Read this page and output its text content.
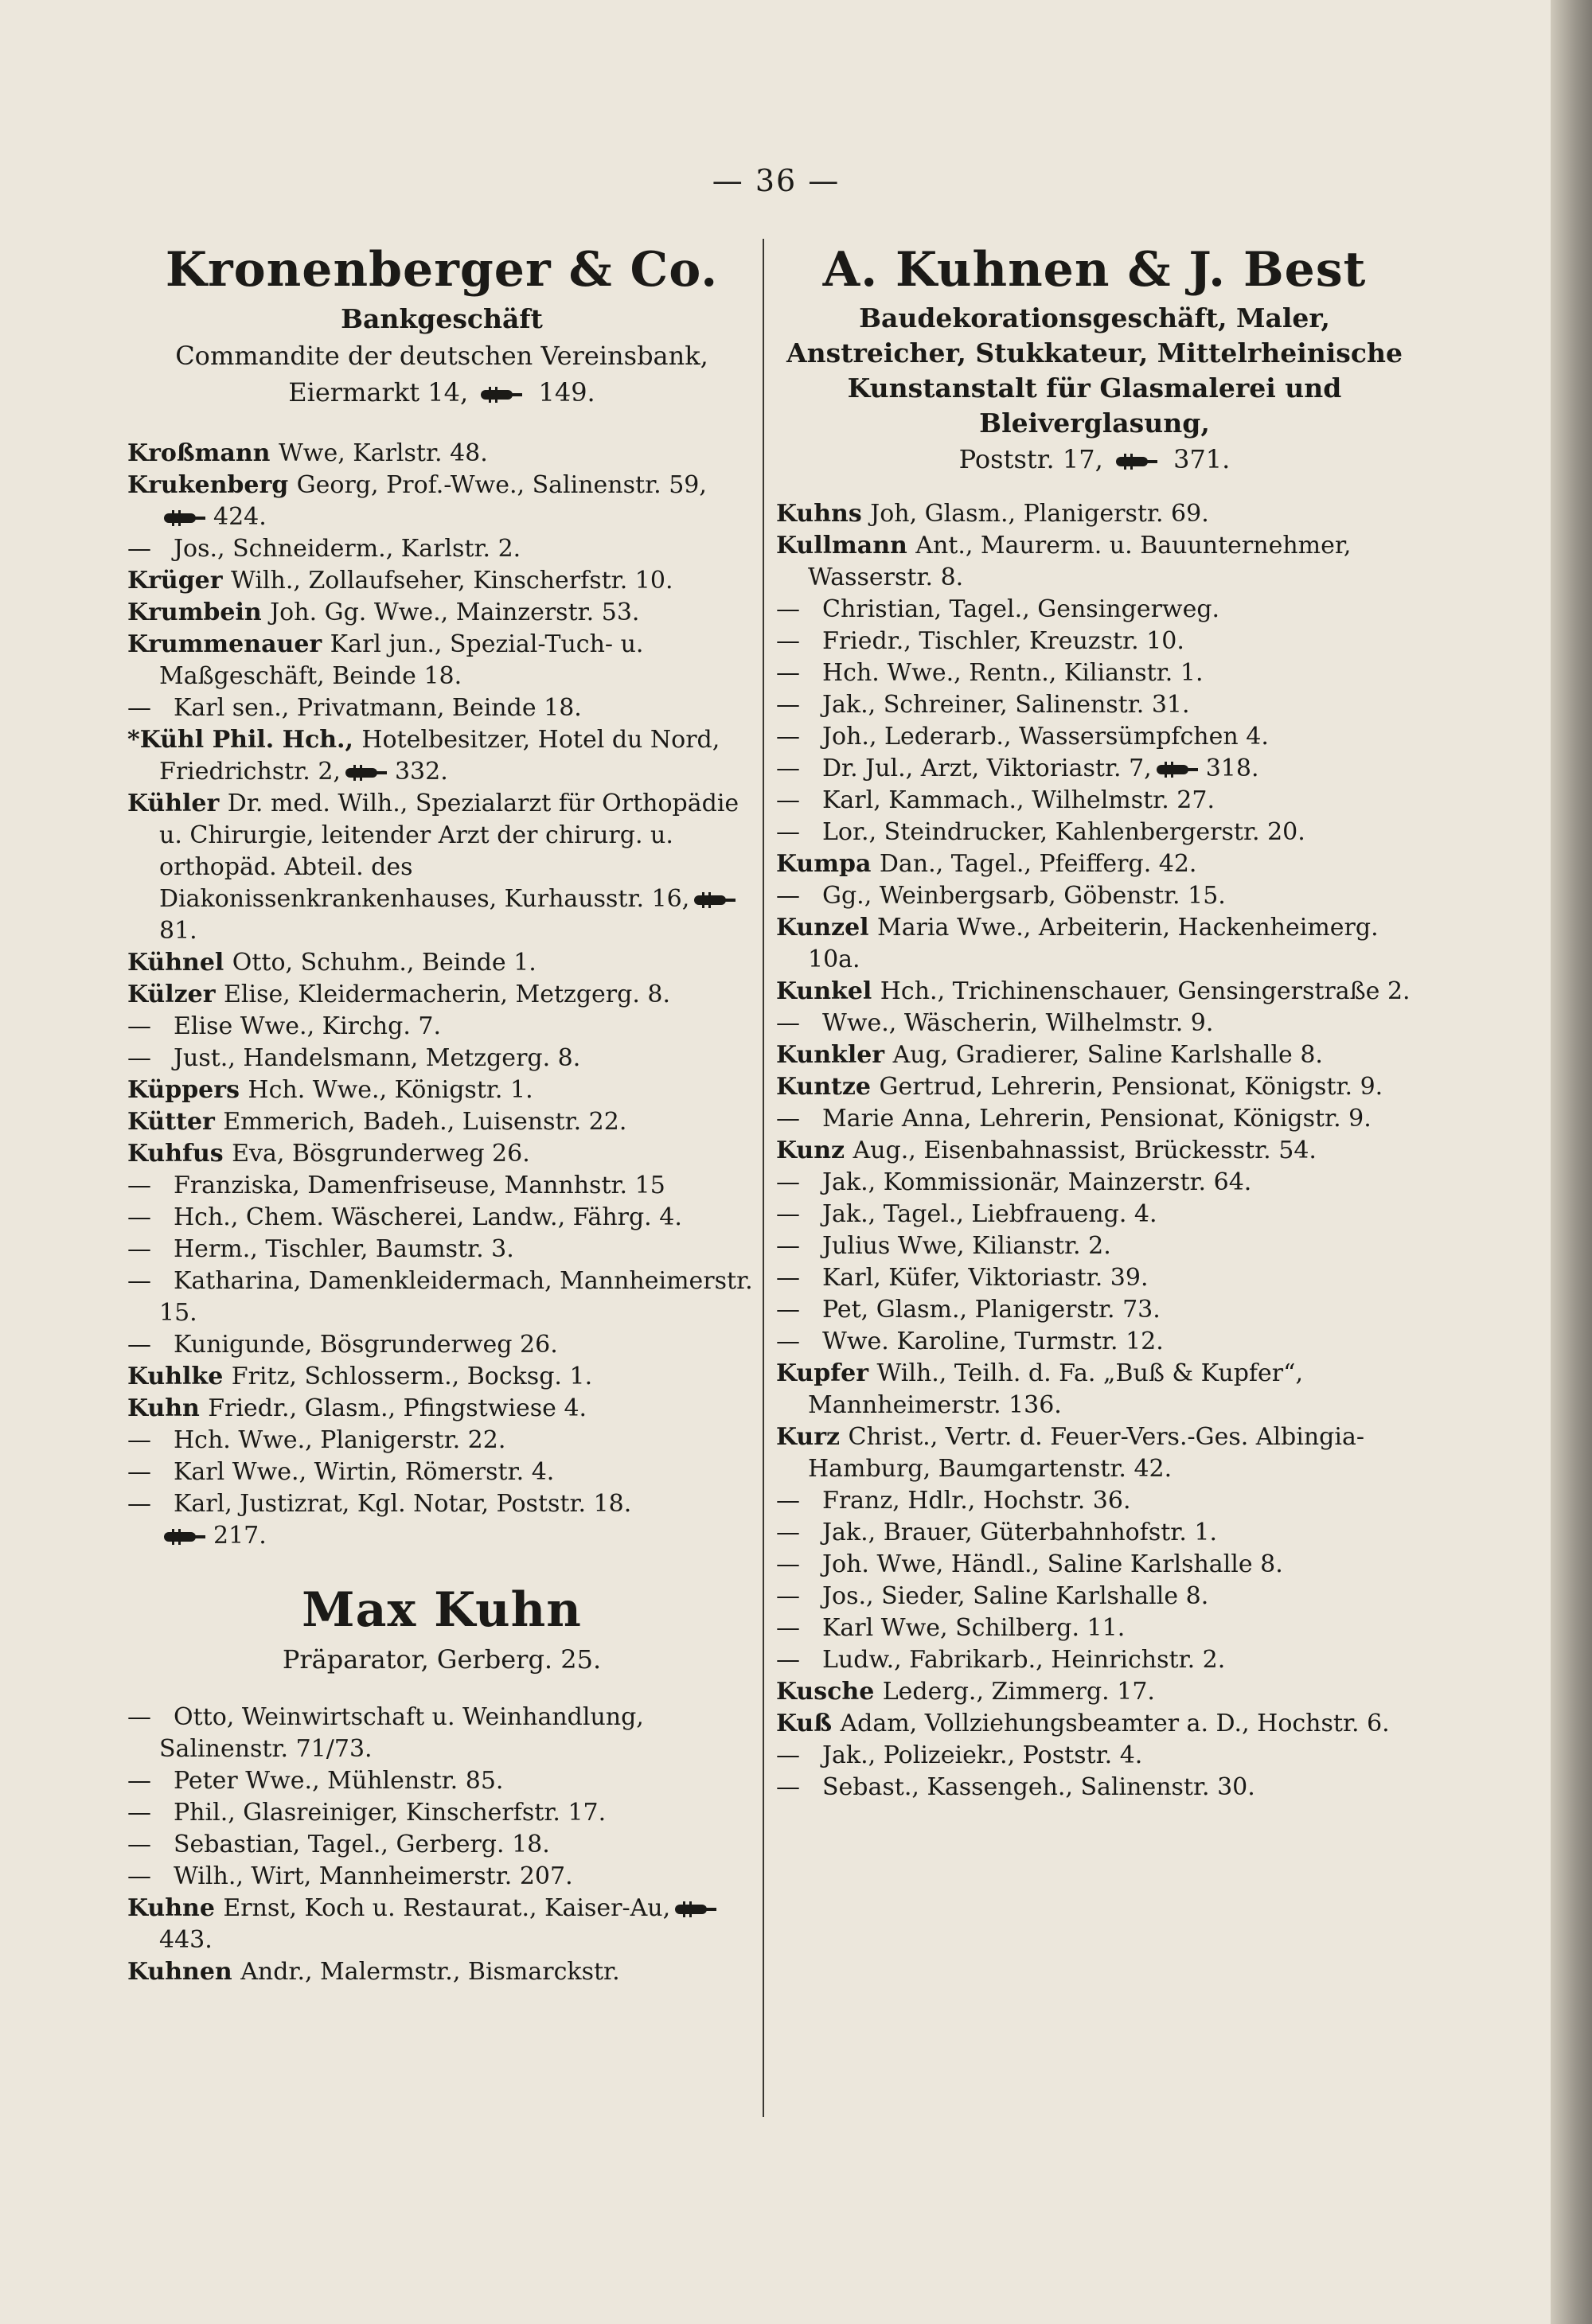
— 36 —
Kronenberger & Co.
Bankgeschäft
Commandite der deutschen Vereinsbank,
Eiermarkt 14,	149.
Kroßmann Wwe, Karlstr. 48.
Krukenberg Georg, Prof.-Wwe., Salinenstr. 59,
424.
— Jos., Schneiderm., Karlstr. 2.
Krüger Wilh., Zollaufseher, Kinscherfstr. 10.
Krumbein Joh. Gg. Wwe., Mainzerstr. 53.
Krummenauer Karl jun., Spezial-Tuch- u. Maßgeschäft, Beinde 18.
— Karl sen., Privatmann, Beinde 18.
*Kühl Phil. Hch., Hotelbesitzer, Hotel du Nord, Friedrichstr. 2, 332.
Kühler Dr. med. Wilh., Spezialarzt für Orthopädie u. Chirurgie, leitender Arzt der chirurg. u. orthopäd. Abteil. des Diakonissenkrankenhauses, Kurhausstr. 16,
81.
Kühnel Otto, Schuhm., Beinde 1.
Külzer Elise, Kleidermacherin, Metzgerg. 8.
— Elise Wwe., Kirchg. 7.
— Just., Handelsmann, Metzgerg. 8.
Küppers Hch. Wwe., Königstr. 1.
Kütter Emmerich, Badeh., Luisenstr. 22.
Kuhfus Eva, Bösgrunderweg 26.
— Franziska, Damenfriseuse, Mannhstr. 15
— Hch., Chem. Wäscherei, Landw., Fährg. 4.
— Herm., Tischler, Baumstr. 3.
— Katharina, Damenkleidermach, Mannheimerstr. 15.
— Kunigunde, Bösgrunderweg 26.
Kuhlke Fritz, Schlosserm., Bocksg. 1.
Kuhn Friedr., Glasm., Pfingstwiese 4.
— Hch. Wwe., Planigerstr. 22.
— Karl Wwe., Wirtin, Römerstr. 4.
— Karl, Justizrat, Kgl. Notar, Poststr. 18.

217.
Max Kuhn
Präparator, Gerberg. 25.
— Otto, Weinwirtschaft u. Weinhandlung, Salinenstr. 71/73.
— Peter Wwe., Mühlenstr. 85.
— Phil., Glasreiniger, Kinscherfstr. 17.
— Sebastian, Tagel., Gerberg. 18.
— Wilh., Wirt, Mannheimerstr. 207.
Kuhne Ernst, Koch u. Restaurat., Kaiser-Au,
443.
Kuhnen Andr., Malermstr., Bismarckstr.
A. Kuhnen & J. Best
Baudekorationsgeschäft, Maler, Anstreicher, Stukkateur, Mittelrheinische Kunstanstalt für Glasmalerei und Bleiverglasung,
Poststr. 17,	371.
Kuhns Joh, Glasm., Planigerstr. 69.
Kullmann Ant., Maurerm. u. Bauunternehmer, Wasserstr. 8.
— Christian, Tagel., Gensingerweg.
— Friedr., Tischler, Kreuzstr. 10.
— Hch. Wwe., Rentn., Kilianstr. 1.
— Jak., Schreiner, Salinenstr. 31.
— Joh., Lederarb., Wassersümpfchen 4.
— Dr. Jul., Arzt, Viktoriastr. 7, 318.
— Karl, Kammach., Wilhelmstr. 27.
— Lor., Steindrucker, Kahlenbergerstr. 20.
Kumpa Dan., Tagel., Pfeifferg. 42.
— Gg., Weinbergsarb, Göbenstr. 15.
Kunzel Maria Wwe., Arbeiterin, Hackenheimerg. 10a.
Kunkel Hch., Trichinenschauer, Gensingerstraße 2.
— Wwe., Wäscherin, Wilhelmstr. 9.
Kunkler Aug, Gradierer, Saline Karlshalle 8.
Kuntze Gertrud, Lehrerin, Pensionat, Königstr. 9.
— Marie Anna, Lehrerin, Pensionat, Königstr. 9.
Kunz Aug., Eisenbahnassist, Brückesstr. 54.
— Jak., Kommissionär, Mainzerstr. 64.
— Jak., Tagel., Liebfraueng. 4.
— Julius Wwe, Kilianstr. 2.
— Karl, Küfer, Viktoriastr. 39.
— Pet, Glasm., Planigerstr. 73.
— Wwe. Karoline, Turmstr. 12.
Kupfer Wilh., Teilh. d. Fa. „Buß & Kupfer“, Mannheimerstr. 136.
Kurz Christ., Vertr. d. Feuer-Vers.-Ges. Albingia-Hamburg, Baumgartenstr. 42.
— Franz, Hdlr., Hochstr. 36.
— Jak., Brauer, Güterbahnhofstr. 1.
— Joh. Wwe, Händl., Saline Karlshalle 8.
— Jos., Sieder, Saline Karlshalle 8.
— Karl Wwe, Schilberg. 11.
— Ludw., Fabrikarb., Heinrichstr. 2.
Kusche Lederg., Zimmerg. 17.
Kuß Adam, Vollziehungsbeamter a. D., Hochstr. 6.
— Jak., Polizeiekr., Poststr. 4.
— Sebast., Kassengeh., Salinenstr. 30.
